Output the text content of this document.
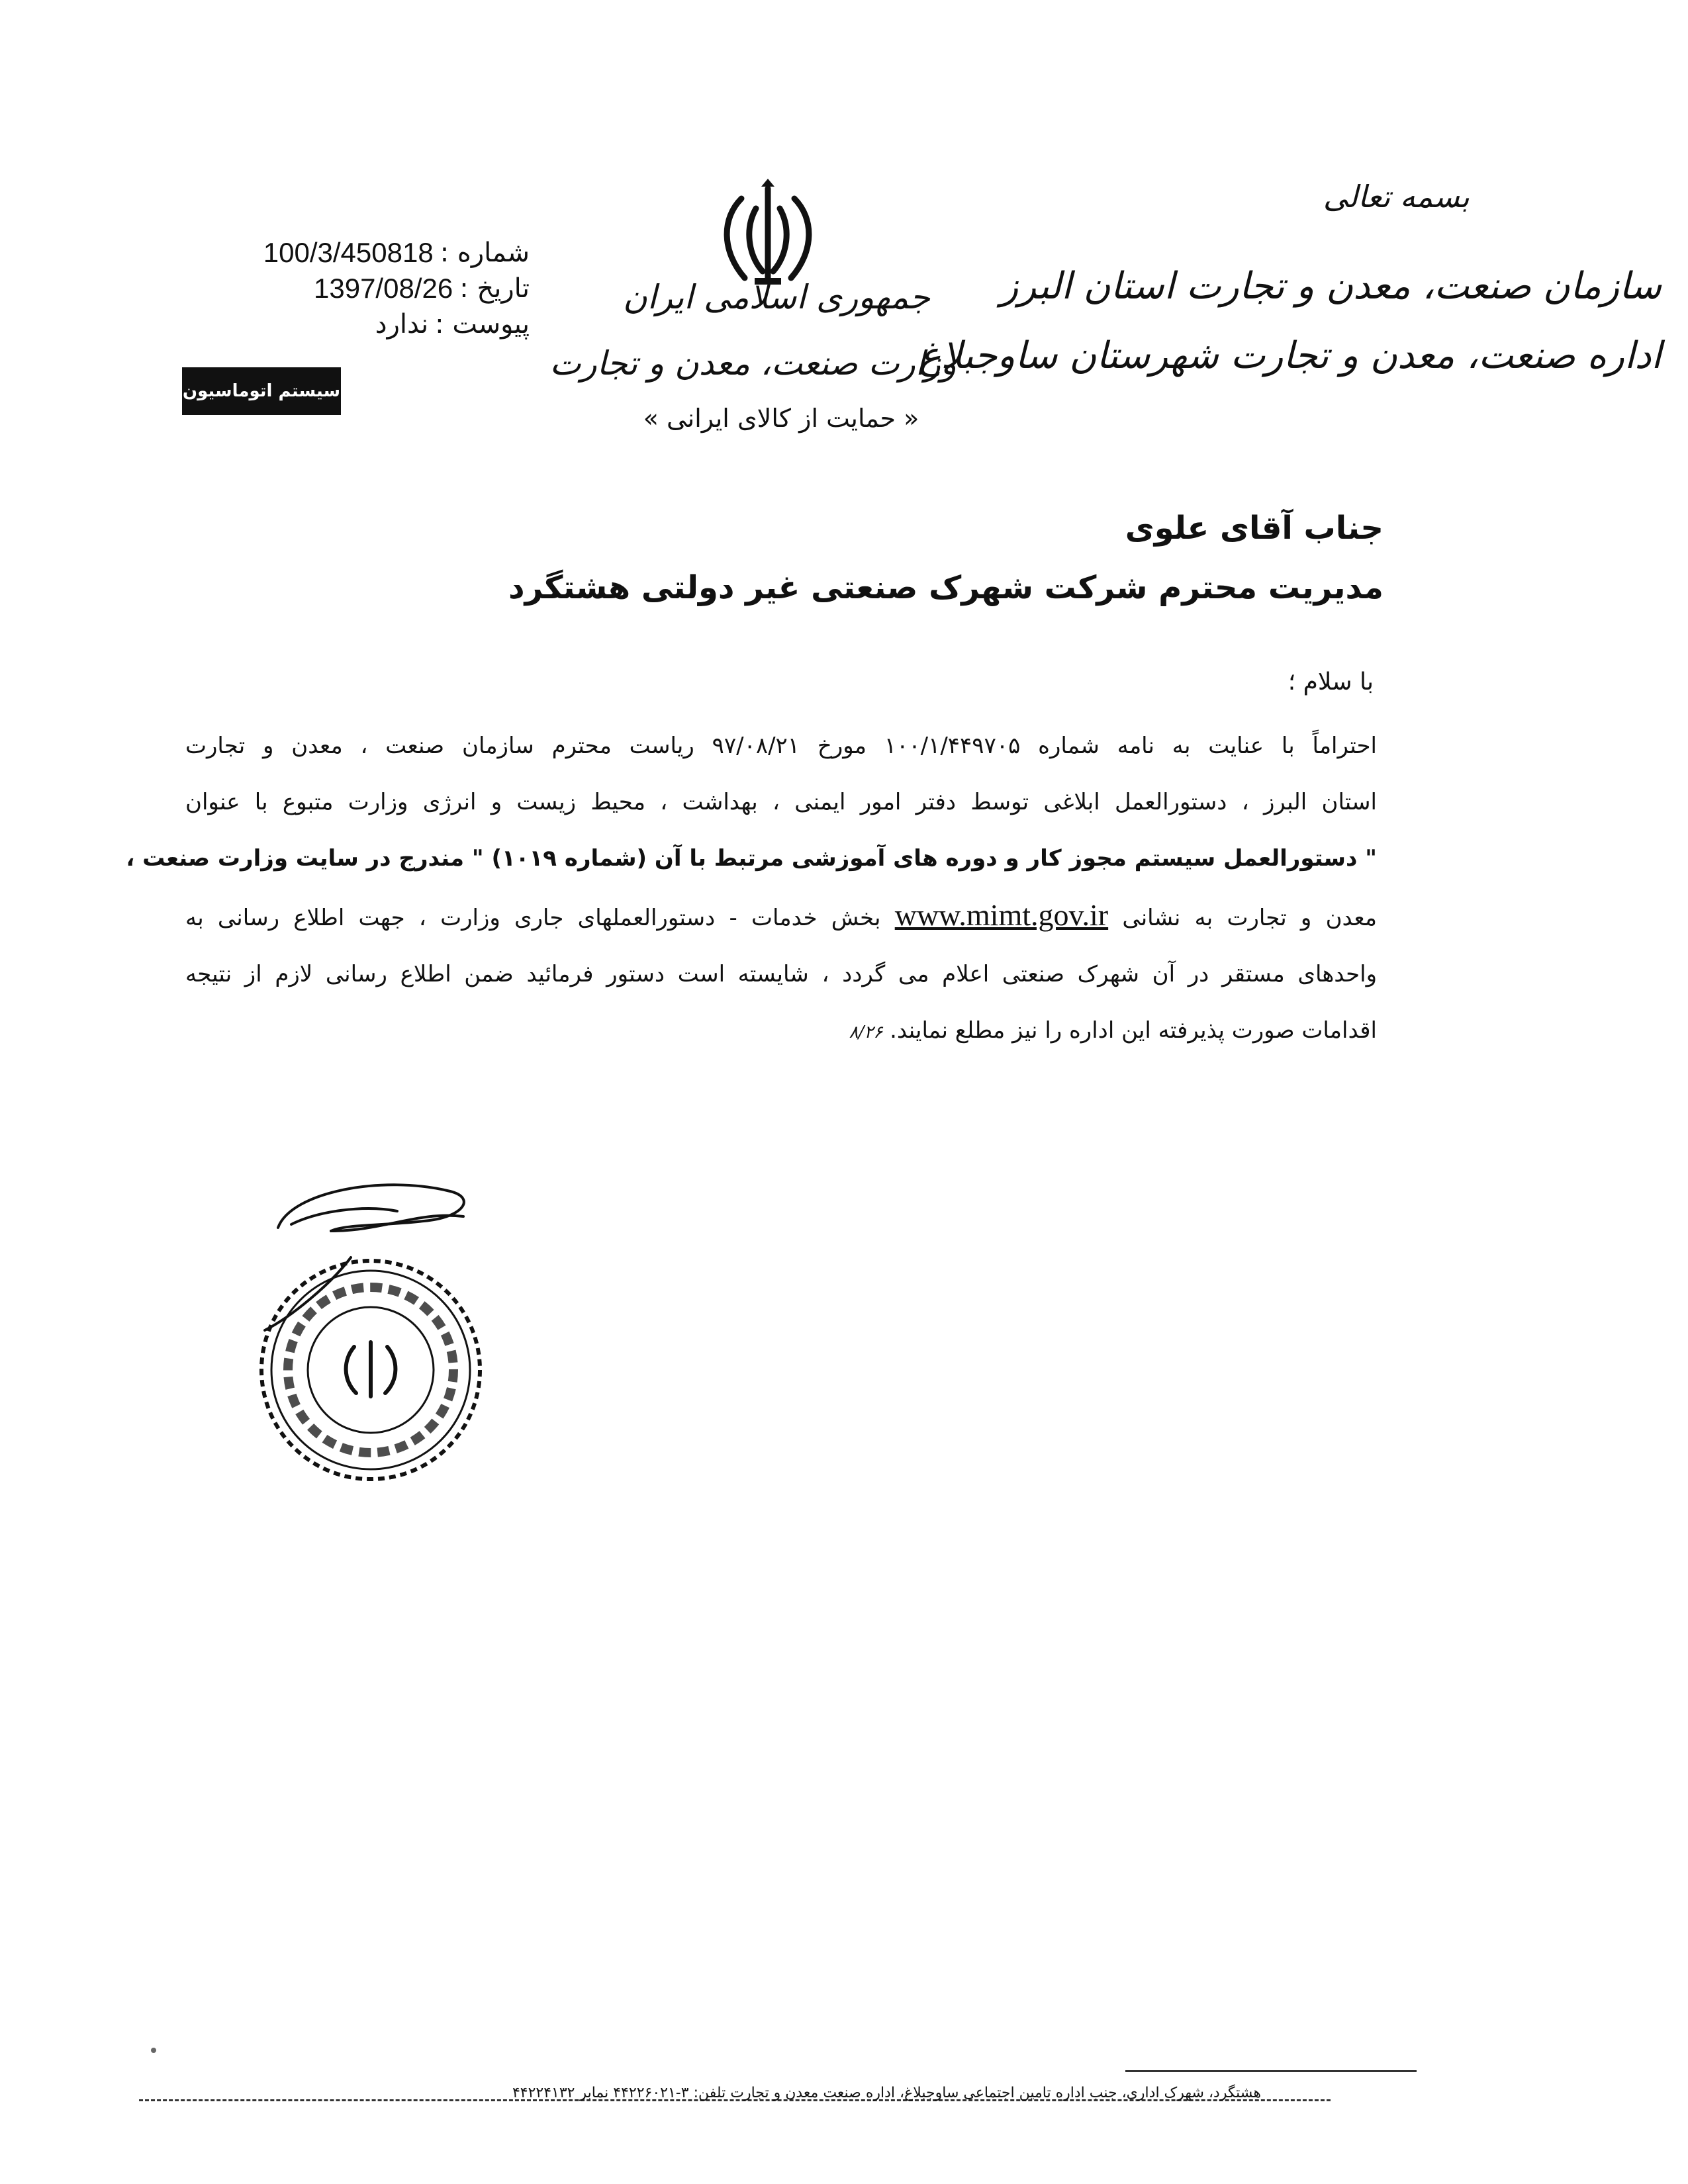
بسمه تعالی
سازمان صنعت، معدن و تجارت استان البرز
اداره صنعت، معدن و تجارت شهرستان ساوجبلاغ
جمهوری اسلامی ایران
وزارت صنعت، معدن و تجارت
شماره :
100/3/450818
تاریخ :
1397/08/26
پیوست :
ندارد
سیستم اتوماسیون
« حمایت از کالای ایرانی »
جناب آقای علوی
مدیریت محترم شرکت شهرک صنعتی غیر دولتی هشتگرد
با سلام ؛
احتراماً با عنایت به نامه شماره ۱۰۰/۱/۴۴۹۷۰۵ مورخ ۹۷/۰۸/۲۱ ریاست محترم سازمان صنعت ، معدن و تجارت
استان البرز ، دستورالعمل ابلاغی توسط دفتر امور ایمنی ، بهداشت ، محیط زیست و انرژی وزارت متبوع با عنوان
" دستورالعمل سیستم مجوز کار و دوره های آموزشی مرتبط با آن (شماره ۱۰۱۹) " مندرج در سایت وزارت صنعت ،
معدن و تجارت به نشانی www.mimt.gov.ir بخش خدمات - دستورالعملهای جاری وزارت ، جهت اطلاع رسانی به
واحدهای مستقر در آن شهرک صنعتی اعلام می گردد ، شایسته است دستور فرمائید ضمن اطلاع رسانی لازم از نتیجه
اقدامات صورت پذیرفته این اداره را نیز مطلع نمایند. ۸/۲۶
هشتگرد، شهرک اداری، جنب اداره تامین اجتماعی ساوجبلاغ، اداره صنعت معدن و تجارت تلفن: ۳-۴۴۲۲۶۰۲۱ نمابر ۴۴۲۲۴۱۳۲
